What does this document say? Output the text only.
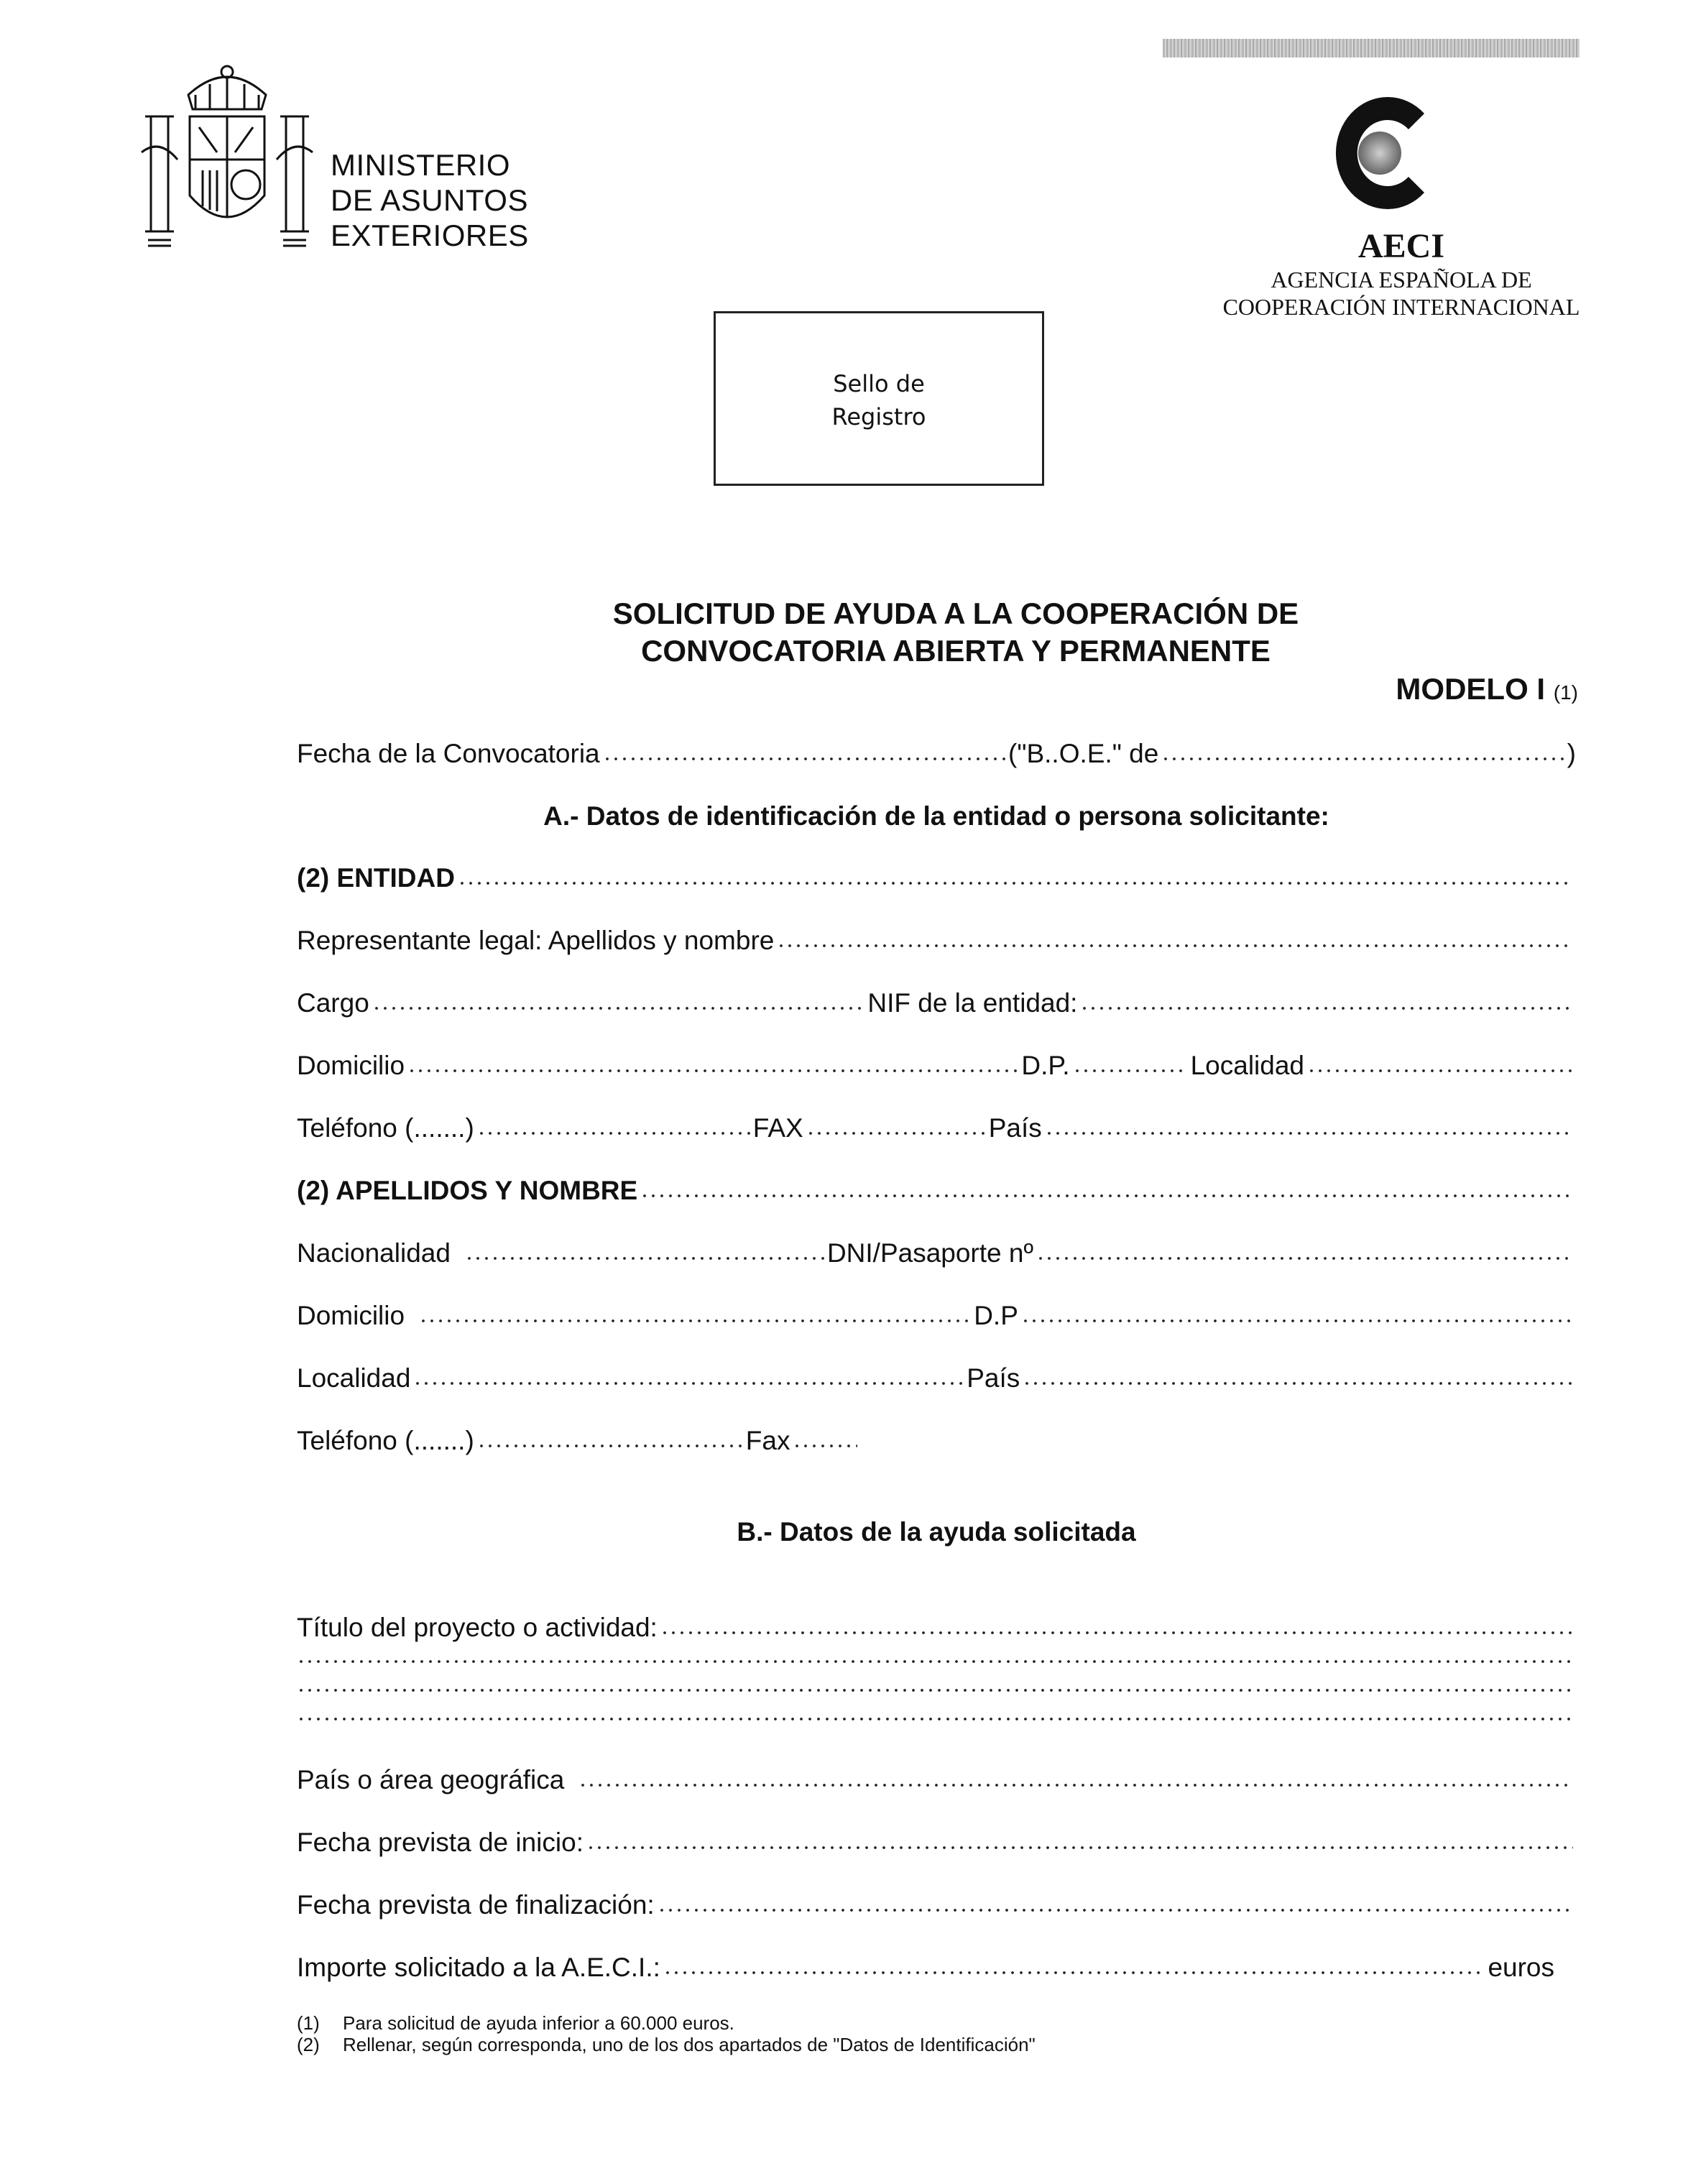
MINISTERIO
DE ASUNTOS
EXTERIORES	AECI
AGENCIA ESPAÑOLA DE
COOPERACIÓN INTERNACIONAL
Sello de
Registro
SOLICITUD DE AYUDA A LA COOPERACIÓN DE
CONVOCATORIA ABIERTA Y PERMANENTE
MODELO I (1)
Fecha de la Convocatoria	("B..O.E." de	)
A.- Datos de identificación de la entidad o persona solicitante:
(2) ENTIDAD
Representante legal: Apellidos y nombre
Cargo	NIF de la entidad:
Domicilio	D.P.	Localidad
Teléfono (.......)	FAX	País
(2) APELLIDOS Y NOMBRE
Nacionalidad	DNI/Pasaporte nº
Domicilio	D.P
Localidad	País
Teléfono (.......)	Fax
B.- Datos de la ayuda solicitada
Título del proyecto o actividad:
País o área geográfica
Fecha prevista de inicio:
Fecha prevista de finalización:
Importe solicitado a la A.E.C.I.:	euros
(1)	Para solicitud de ayuda inferior a 60.000 euros.
(2)	Rellenar, según corresponda, uno de los dos apartados de "Datos de Identificación"
